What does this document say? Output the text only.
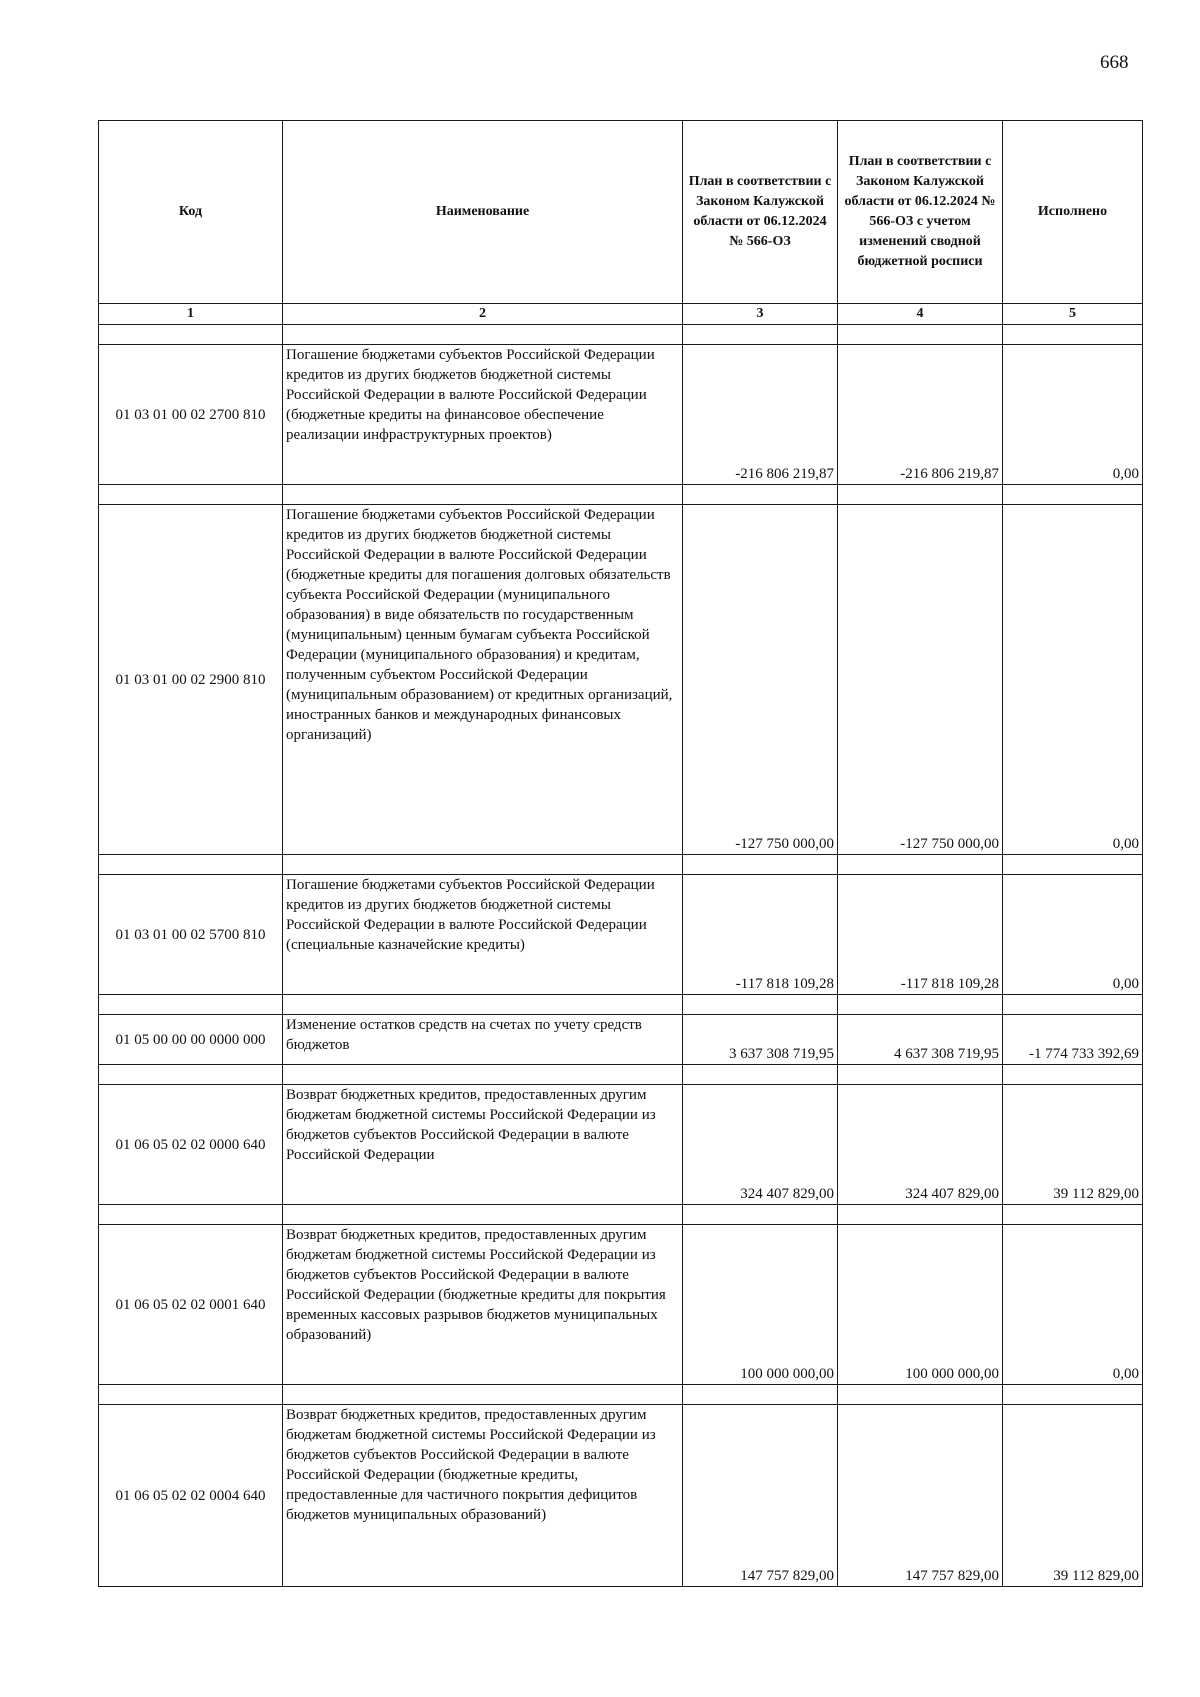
668
Код	Наименование	План в соответствии с Законом Калужской области от 06.12.2024 № 566-ОЗ	План в соответствии с Законом Калужской области от 06.12.2024 № 566-ОЗ с учетом изменений сводной бюджетной росписи	Исполнено
1	2	3	4	5

01 03 01 00 02 2700 810	Погашение бюджетами субъектов Российской Федерации кредитов из других бюджетов бюджетной системы Российской Федерации в валюте Российской Федерации (бюджетные кредиты на финансовое обеспечение реализации инфраструктурных проектов)	-216 806 219,87	-216 806 219,87	0,00

01 03 01 00 02 2900 810	Погашение бюджетами субъектов Российской Федерации кредитов из других бюджетов бюджетной системы Российской Федерации в валюте Российской Федерации (бюджетные кредиты для погашения долговых обязательств субъекта Российской Федерации (муниципального образования) в виде обязательств по государственным (муниципальным) ценным бумагам субъекта Российской Федерации (муниципального образования) и кредитам, полученным субъектом Российской Федерации (муниципальным образованием) от кредитных организаций, иностранных банков и международных финансовых организаций)	-127 750 000,00	-127 750 000,00	0,00

01 03 01 00 02 5700 810	Погашение бюджетами субъектов Российской Федерации кредитов из других бюджетов бюджетной системы Российской Федерации в валюте Российской Федерации (специальные казначейские кредиты)	-117 818 109,28	-117 818 109,28	0,00

01 05 00 00 00 0000 000	Изменение остатков средств на счетах по учету средств бюджетов	3 637 308 719,95	4 637 308 719,95	-1 774 733 392,69

01 06 05 02 02 0000 640	Возврат бюджетных кредитов, предоставленных другим бюджетам бюджетной системы Российской Федерации из бюджетов субъектов Российской Федерации в валюте Российской Федерации	324 407 829,00	324 407 829,00	39 112 829,00

01 06 05 02 02 0001 640	Возврат бюджетных кредитов, предоставленных другим бюджетам бюджетной системы Российской Федерации из бюджетов субъектов Российской Федерации в валюте Российской Федерации (бюджетные кредиты для покрытия временных кассовых разрывов бюджетов муниципальных образований)	100 000 000,00	100 000 000,00	0,00

01 06 05 02 02 0004 640	Возврат бюджетных кредитов, предоставленных другим бюджетам бюджетной системы Российской Федерации из бюджетов субъектов Российской Федерации в валюте Российской Федерации (бюджетные кредиты, предоставленные для частичного покрытия дефицитов бюджетов муниципальных образований)	147 757 829,00	147 757 829,00	39 112 829,00
